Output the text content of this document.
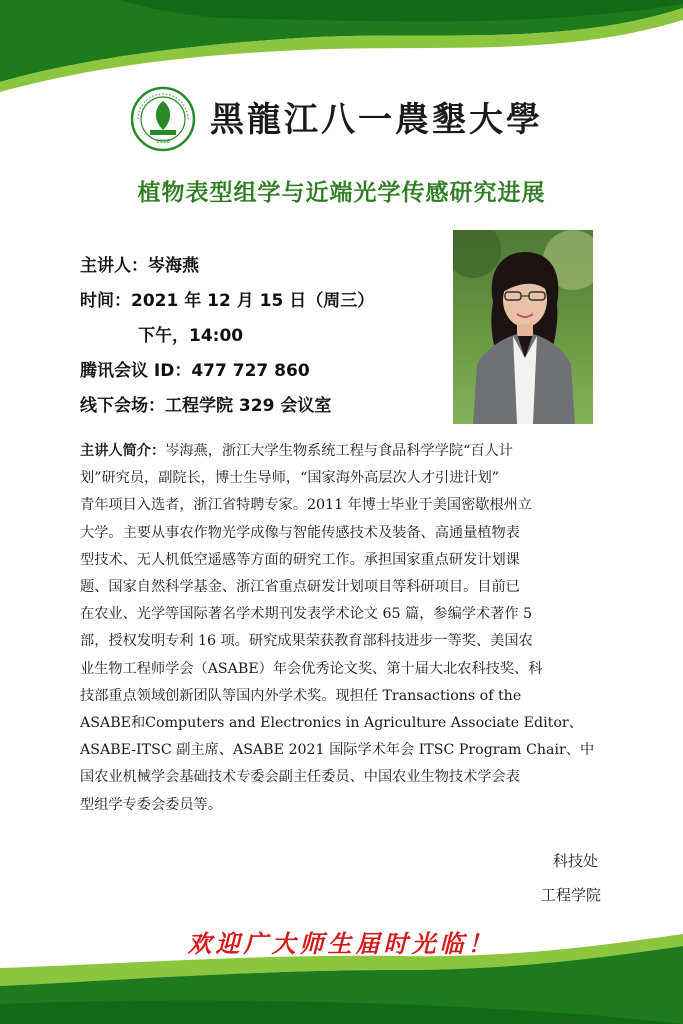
1958
黑龍江八一農墾大學
植物表型组学与近端光学传感研究进展
主讲人：岑海燕
时间：2021 年 12 月 15 日（周三）
下午，14:00
腾讯会议 ID：477 727 860
线下会场：工程学院 329 会议室
主讲人简介：岑海燕，浙江大学生物系统工程与食品科学学院“百人计
划”研究员，副院长，博士生导师，“国家海外高层次人才引进计划”
青年项目入选者，浙江省特聘专家。2011 年博士毕业于美国密歇根州立
大学。主要从事农作物光学成像与智能传感技术及装备、高通量植物表
型技术、无人机低空遥感等方面的研究工作。承担国家重点研发计划课
题、国家自然科学基金、浙江省重点研发计划项目等科研项目。目前已
在农业、光学等国际著名学术期刊发表学术论文 65 篇，参编学术著作 5
部，授权发明专利 16 项。研究成果荣获教育部科技进步一等奖、美国农
业生物工程师学会（ASABE）年会优秀论文奖、第十届大北农科技奖、科
技部重点领域创新团队等国内外学术奖。现担任 Transactions of the
ASABE和Computers and Electronics in Agriculture Associate Editor、
ASABE-ITSC 副主席、ASABE 2021 国际学术年会 ITSC Program Chair、中
国农业机械学会基础技术专委会副主任委员、中国农业生物技术学会表
型组学专委会委员等。
科技处
工程学院
欢迎广大师生届时光临！
